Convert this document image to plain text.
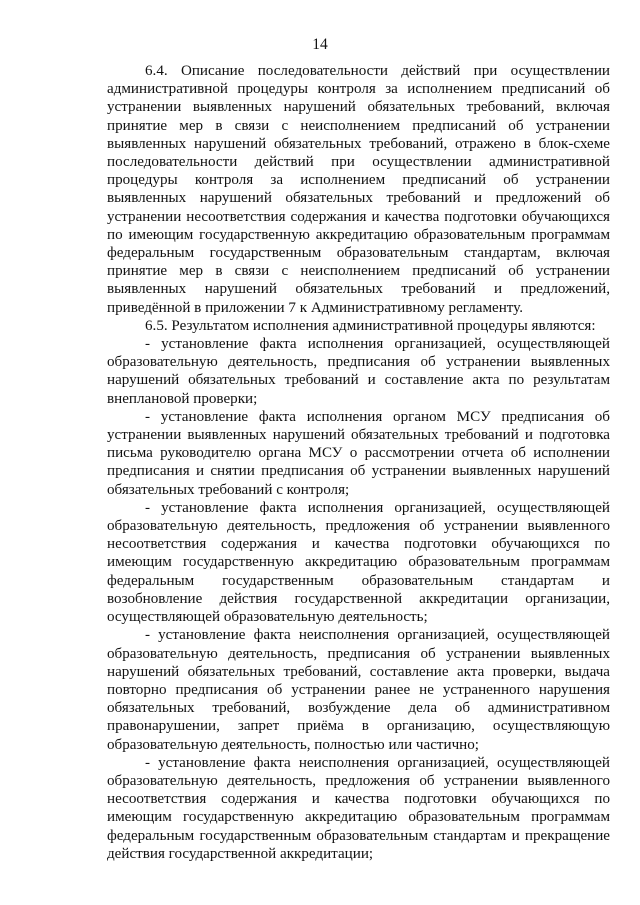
14

6.4. Описание последовательности действий при осуществлении административной процедуры контроля за исполнением предписаний об устранении выявленных нарушений обязательных требований, включая принятие мер в связи с неисполнением предписаний об устранении выявленных нарушений обязательных требований, отражено в блок-схеме последовательности действий при осуществлении административной процедуры контроля за исполнением предписаний об устранении выявленных нарушений обязательных требований и предложений об устранении несоответствия содержания и качества подготовки обучающихся по имеющим государственную аккредитацию образовательным программам федеральным государственным образовательным стандартам, включая принятие мер в связи с неисполнением предписаний об устранении выявленных нарушений обязательных требований и предложений, приведённой в приложении 7 к Административному регламенту.

6.5. Результатом исполнения административной процедуры являются:

- установление факта исполнения организацией, осуществляющей образовательную деятельность, предписания об устранении выявленных нарушений обязательных требований и составление акта по результатам внеплановой проверки;

- установление факта исполнения органом МСУ предписания об устранении выявленных нарушений обязательных требований и подготовка письма руководителю органа МСУ о рассмотрении отчета об исполнении предписания и снятии предписания об устранении выявленных нарушений обязательных требований с контроля;

- установление факта исполнения организацией, осуществляющей образовательную деятельность, предложения об устранении выявленного несоответствия содержания и качества подготовки обучающихся по имеющим государственную аккредитацию образовательным программам федеральным государственным образовательным стандартам и возобновление действия государственной аккредитации организации, осуществляющей образовательную деятельность;

- установление факта неисполнения организацией, осуществляющей образовательную деятельность, предписания об устранении выявленных нарушений обязательных требований, составление акта проверки, выдача повторно предписания об устранении ранее не устраненного нарушения обязательных требований, возбуждение дела об административном правонарушении, запрет приёма в организацию, осуществляющую образовательную деятельность, полностью или частично;

- установление факта неисполнения организацией, осуществляющей образовательную деятельность, предложения об устранении выявленного несоответствия содержания и качества подготовки обучающихся по имеющим государственную аккредитацию образовательным программам федеральным государственным образовательным стандартам и прекращение действия государственной аккредитации;
